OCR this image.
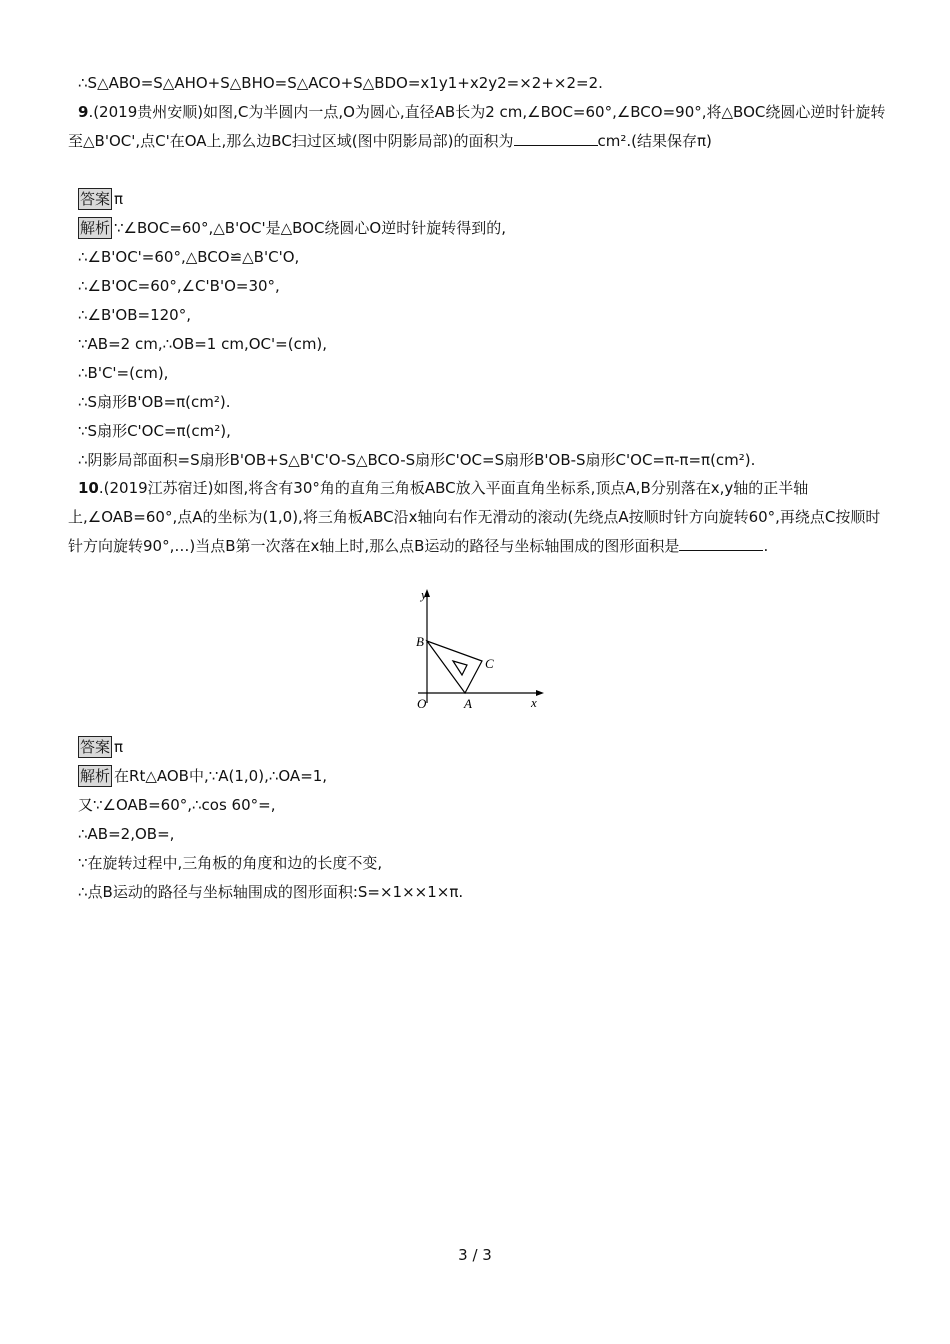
∴S△ABO=S△AHO+S△BHO=S△ACO+S△BDO=x1y1+x2y2=×2+×2=2.
9.(2019贵州安顺)如图,C为半圆内一点,O为圆心,直径AB长为2 cm,∠BOC=60°,∠BCO=90°,将△BOC绕圆心逆时针旋转至△B'OC',点C'在OA上,那么边BC扫过区域(图中阴影局部)的面积为	cm².(结果保存π)
答案 π
解析 ∵∠BOC=60°,△B'OC'是△BOC绕圆心O逆时针旋转得到的,
∴∠B'OC'=60°,△BCO≌△B'C'O,
∴∠B'OC=60°,∠C'B'O=30°,
∴∠B'OB=120°,
∵AB=2 cm,∴OB=1 cm,OC'=(cm),
∴B'C'=(cm),
∴S扇形B'OB=π(cm²).
∵S扇形C'OC=π(cm²),
∴阴影局部面积=S扇形B'OB+S△B'C'O-S△BCO-S扇形C'OC=S扇形B'OB-S扇形C'OC=π-π=π(cm²).
10.(2019江苏宿迁)如图,将含有30°角的直角三角板ABC放入平面直角坐标系,顶点A,B分别落在x,y轴的正半轴上,∠OAB=60°,点A的坐标为(1,0),将三角板ABC沿x轴向右作无滑动的滚动(先绕点A按顺时针方向旋转60°,再绕点C按顺时针方向旋转90°,…)当点B第一次落在x轴上时,那么点B运动的路径与坐标轴围成的图形面积是	.
y
x
O	A
B
C
答案 π
解析 在Rt△AOB中,∵A(1,0),∴OA=1,
又∵∠OAB=60°,∴cos 60°=,
∴AB=2,OB=,
∵在旋转过程中,三角板的角度和边的长度不变,
∴点B运动的路径与坐标轴围成的图形面积:S=×1××1×π.
3 / 3
